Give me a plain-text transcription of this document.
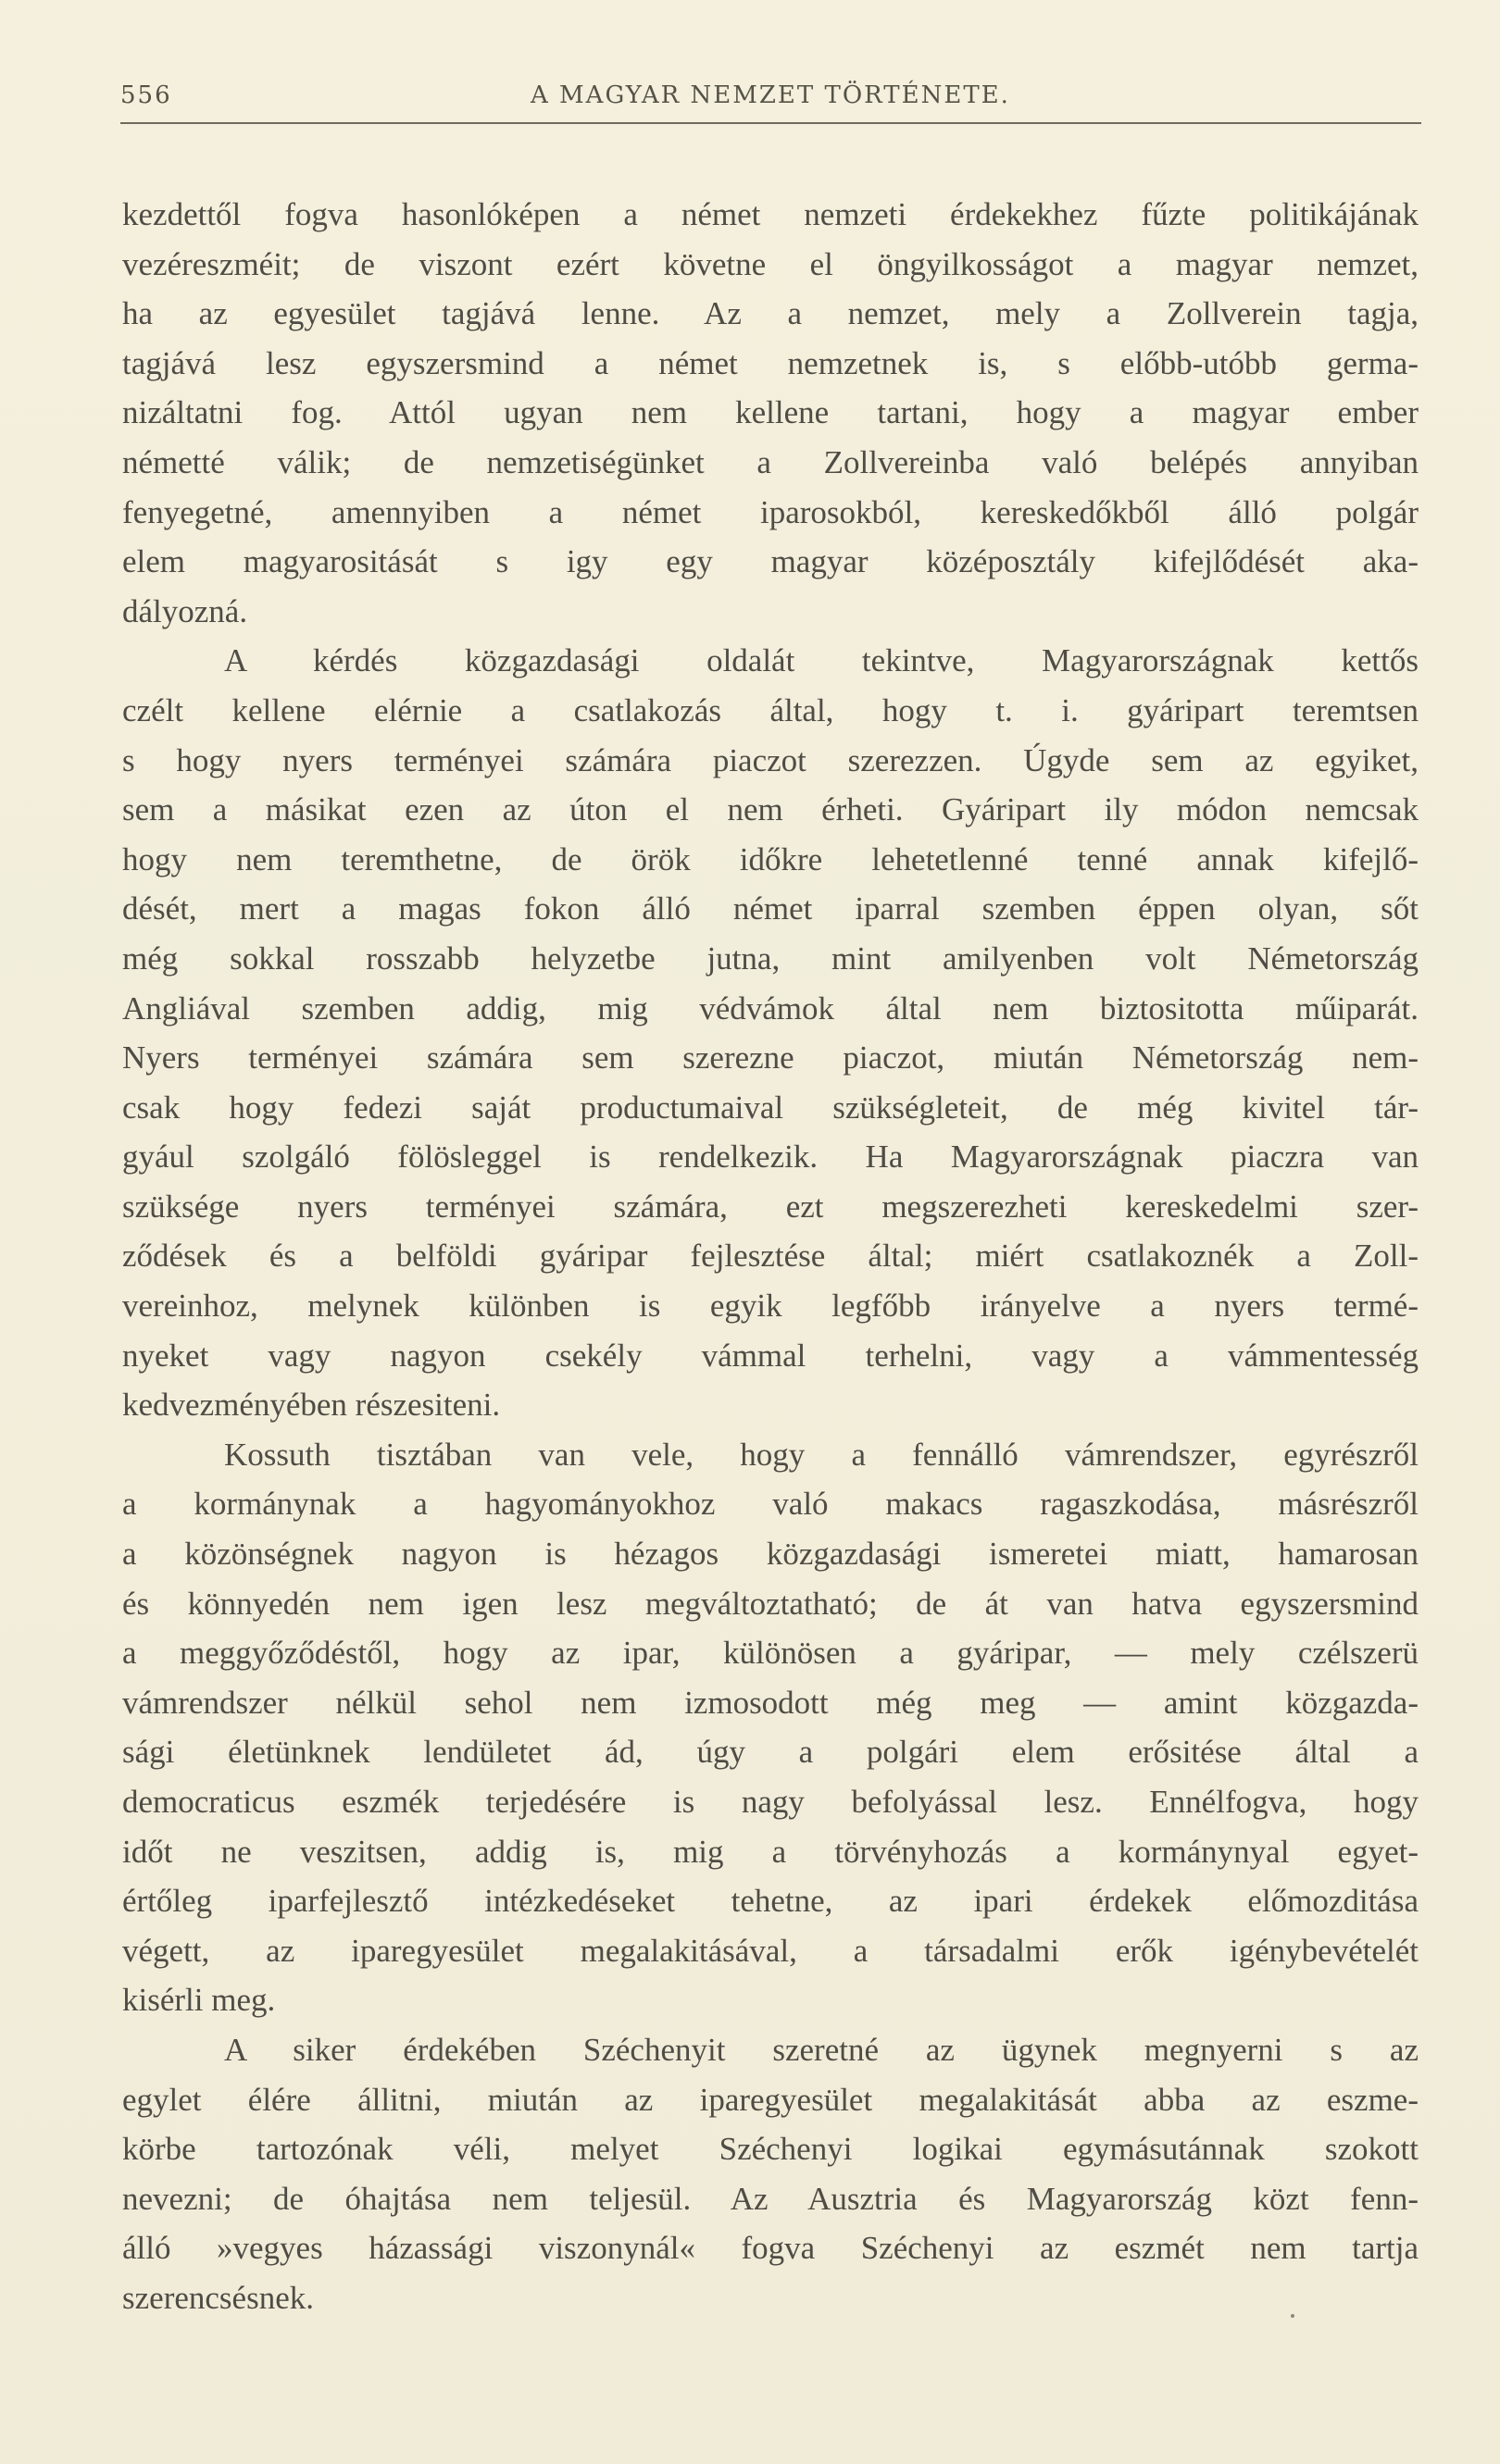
556	A MAGYAR NEMZET TÖRTÉNETE.
kezdettől fogva hasonlóképen a német nemzeti érdekekhez fűzte politikájának
vezéreszméit; de viszont ezért követne el öngyilkosságot a magyar nemzet,
ha az egyesület tagjává lenne. Az a nemzet, mely a Zollverein tagja,
tagjává lesz egyszersmind a német nemzetnek is, s előbb-utóbb germa-
nizáltatni fog. Attól ugyan nem kellene tartani, hogy a magyar ember
németté válik; de nemzetiségünket a Zollvereinba való belépés annyiban
fenyegetné, amennyiben a német iparosokból, kereskedőkből álló polgár
elem magyarositását s igy egy magyar középosztály kifejlődését aka-
dályozná.
A kérdés közgazdasági oldalát tekintve, Magyarországnak kettős
czélt kellene elérnie a csatlakozás által, hogy t. i. gyáripart teremtsen
s hogy nyers terményei számára piaczot szerezzen. Úgyde sem az egyiket,
sem a másikat ezen az úton el nem érheti. Gyáripart ily módon nemcsak
hogy nem teremthetne, de örök időkre lehetetlenné tenné annak kifejlő-
dését, mert a magas fokon álló német iparral szemben éppen olyan, sőt
még sokkal rosszabb helyzetbe jutna, mint amilyenben volt Németország
Angliával szemben addig, mig védvámok által nem biztositotta műiparát.
Nyers terményei számára sem szerezne piaczot, miután Németország nem-
csak hogy fedezi saját productumaival szükségleteit, de még kivitel tár-
gyául szolgáló fölösleggel is rendelkezik. Ha Magyarországnak piaczra van
szüksége nyers terményei számára, ezt megszerezheti kereskedelmi szer-
ződések és a belföldi gyáripar fejlesztése által; miért csatlakoznék a Zoll-
vereinhoz, melynek különben is egyik legfőbb irányelve a nyers termé-
nyeket vagy nagyon csekély vámmal terhelni, vagy a vámmentesség
kedvezményében részesiteni.
Kossuth tisztában van vele, hogy a fennálló vámrendszer, egyrészről
a kormánynak a hagyományokhoz való makacs ragaszkodása, másrészről
a közönségnek nagyon is hézagos közgazdasági ismeretei miatt, hamarosan
és könnyedén nem igen lesz megváltoztatható; de át van hatva egyszersmind
a meggyőződéstől, hogy az ipar, különösen a gyáripar, — mely czélszerü
vámrendszer nélkül sehol nem izmosodott még meg — amint közgazda-
sági életünknek lendületet ád, úgy a polgári elem erősitése által a
democraticus eszmék terjedésére is nagy befolyással lesz. Ennélfogva, hogy
időt ne veszitsen, addig is, mig a törvényhozás a kormánynyal egyet-
értőleg iparfejlesztő intézkedéseket tehetne, az ipari érdekek előmozditása
végett, az iparegyesület megalakitásával, a társadalmi erők igénybevételét
kisérli meg.
A siker érdekében Széchenyit szeretné az ügynek megnyerni s az
egylet élére állitni, miután az iparegyesület megalakitását abba az eszme-
körbe tartozónak véli, melyet Széchenyi logikai egymásutánnak szokott
nevezni; de óhajtása nem teljesül. Az Ausztria és Magyarország közt fenn-
álló »vegyes házassági viszonynál« fogva Széchenyi az eszmét nem tartja
szerencsésnek.
